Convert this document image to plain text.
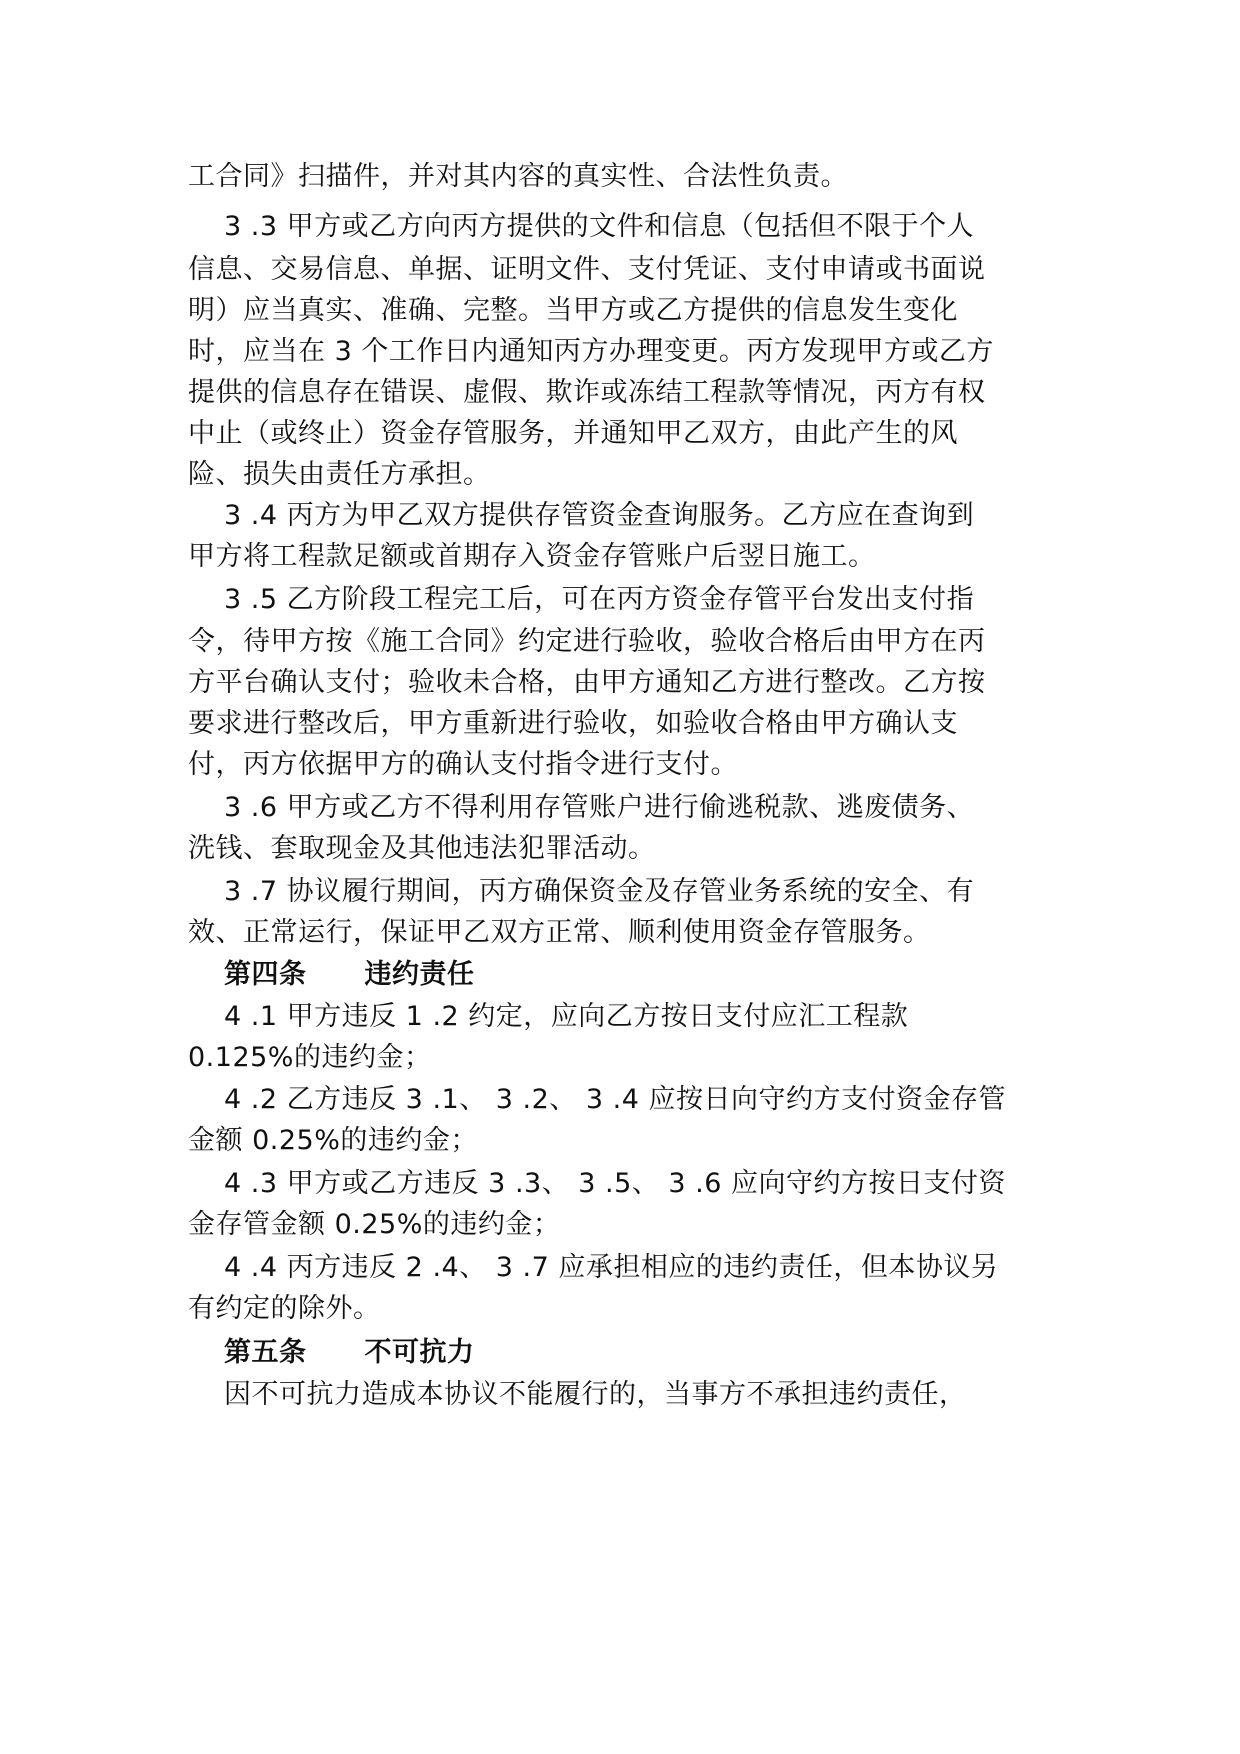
工合同》扫描件，并对其内容的真实性、合法性负责。
3 .3 甲方或乙方向丙方提供的文件和信息（包括但不限于个人
信息、交易信息、单据、证明文件、支付凭证、支付申请或书面说
明）应当真实、准确、完整。当甲方或乙方提供的信息发生变化
时，应当在 3 个工作日内通知丙方办理变更。丙方发现甲方或乙方
提供的信息存在错误、虚假、欺诈或冻结工程款等情况，丙方有权
中止（或终止）资金存管服务，并通知甲乙双方，由此产生的风
险、损失由责任方承担。
3 .4 丙方为甲乙双方提供存管资金查询服务。乙方应在查询到
甲方将工程款足额或首期存入资金存管账户后翌日施工。
3 .5 乙方阶段工程完工后，可在丙方资金存管平台发出支付指
令，待甲方按《施工合同》约定进行验收，验收合格后由甲方在丙
方平台确认支付；验收未合格，由甲方通知乙方进行整改。乙方按
要求进行整改后，甲方重新进行验收，如验收合格由甲方确认支
付，丙方依据甲方的确认支付指令进行支付。
3 .6 甲方或乙方不得利用存管账户进行偷逃税款、逃废债务、
洗钱、套取现金及其他违法犯罪活动。
3 .7 协议履行期间，丙方确保资金及存管业务系统的安全、有
效、正常运行，保证甲乙双方正常、顺利使用资金存管服务。
第四条 违约责任
4 .1 甲方违反 1 .2 约定，应向乙方按日支付应汇工程款
0.125%的违约金；
4 .2 乙方违反 3 .1、 3 .2、 3 .4 应按日向守约方支付资金存管
金额 0.25%的违约金；
4 .3 甲方或乙方违反 3 .3、 3 .5、 3 .6 应向守约方按日支付资
金存管金额 0.25%的违约金；
4 .4 丙方违反 2 .4、 3 .7 应承担相应的违约责任，但本协议另
有约定的除外。
第五条 不可抗力
因不可抗力造成本协议不能履行的，当事方不承担违约责任，
